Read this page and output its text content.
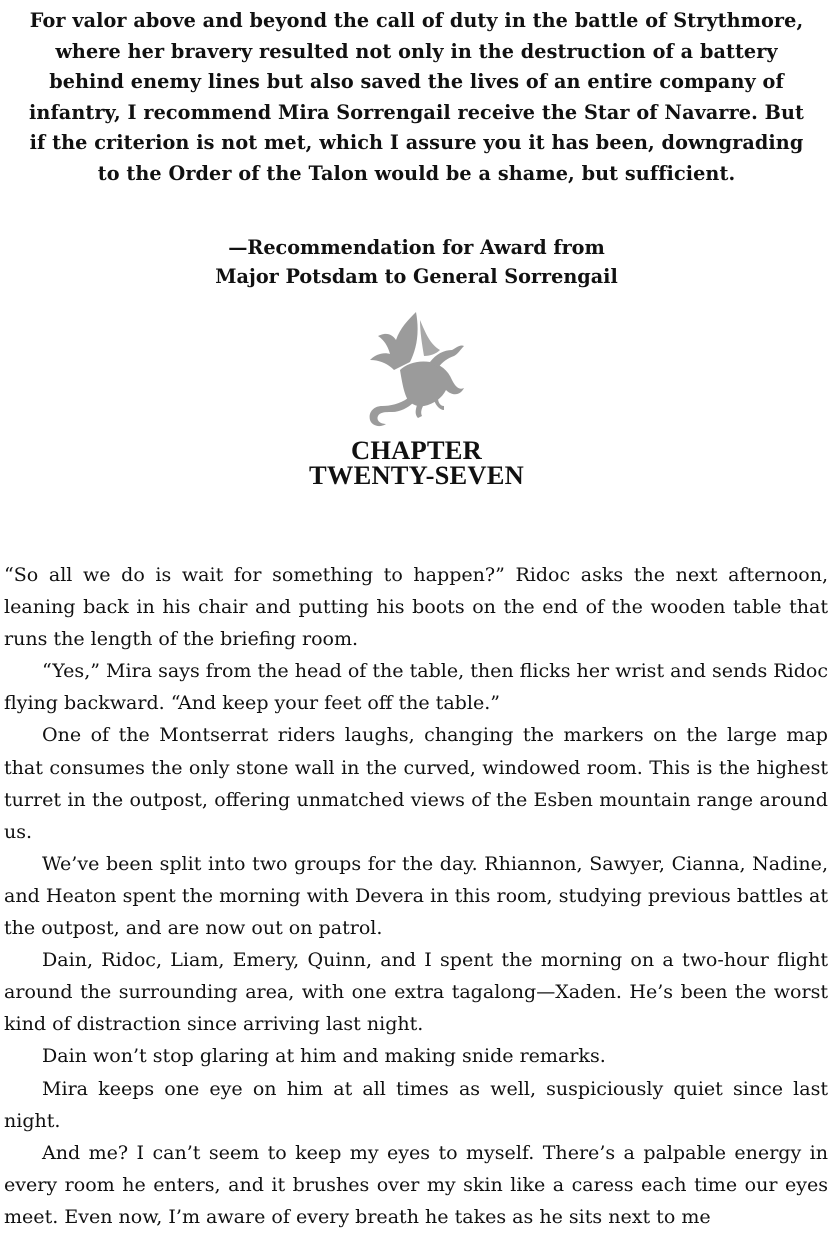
For valor above and beyond the call of duty in the battle of Strythmore, where her bravery resulted not only in the destruction of a battery behind enemy lines but also saved the lives of an entire company of infantry, I recommend Mira Sorrengail receive the Star of Navarre. But if the criterion is not met, which I assure you it has been, downgrading to the Order of the Talon would be a shame, but sufficient.
—Recommendation for Award from
Major Potsdam to General Sorrengail
CHAPTER
TWENTY-SEVEN

“So all we do is wait for something to happen?” Ridoc asks the next afternoon, leaning back in his chair and putting his boots on the end of the wooden table that runs the length of the briefing room.

“Yes,” Mira says from the head of the table, then flicks her wrist and sends Ridoc flying backward. “And keep your feet off the table.”

One of the Montserrat riders laughs, changing the markers on the large map that consumes the only stone wall in the curved, windowed room. This is the highest turret in the outpost, offering unmatched views of the Esben mountain range around us.

We’ve been split into two groups for the day. Rhiannon, Sawyer, Cianna, Nadine, and Heaton spent the morning with Devera in this room, studying previous battles at the outpost, and are now out on patrol.

Dain, Ridoc, Liam, Emery, Quinn, and I spent the morning on a two-hour flight around the surrounding area, with one extra tagalong—Xaden. He’s been the worst kind of distraction since arriving last night.

Dain won’t stop glaring at him and making snide remarks.

Mira keeps one eye on him at all times as well, suspiciously quiet since last night.

And me? I can’t seem to keep my eyes to myself. There’s a palpable energy in every room he enters, and it brushes over my skin like a caress each time our eyes meet. Even now, I’m aware of every breath he takes as he sits next to me
